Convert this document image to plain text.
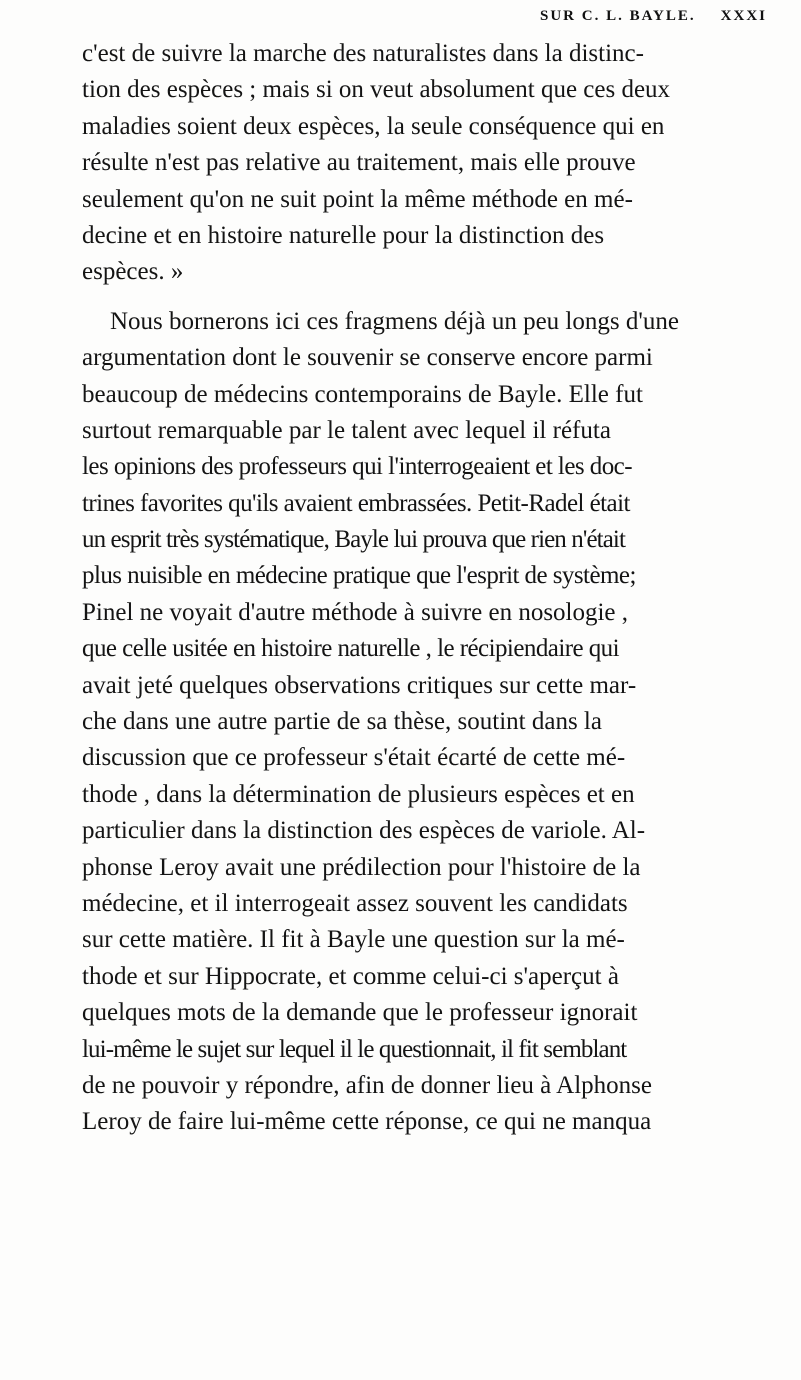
SUR C. L. BAYLE. XXXI

c'est de suivre la marche des naturalistes dans la distinc-
tion des espèces ; mais si on veut absolument que ces deux
maladies soient deux espèces, la seule conséquence qui en
résulte n'est pas relative au traitement, mais elle prouve
seulement qu'on ne suit point la même méthode en mé-
decine et en histoire naturelle pour la distinction des
espèces. »

Nous bornerons ici ces fragmens déjà un peu longs d'une
argumentation dont le souvenir se conserve encore parmi
beaucoup de médecins contemporains de Bayle. Elle fut
surtout remarquable par le talent avec lequel il réfuta
les opinions des professeurs qui l'interrogeaient et les doc-
trines favorites qu'ils avaient embrassées. Petit-Radel était
un esprit très systématique, Bayle lui prouva que rien n'était
plus nuisible en médecine pratique que l'esprit de système;
Pinel ne voyait d'autre méthode à suivre en nosologie ,
que celle usitée en histoire naturelle , le récipiendaire qui
avait jeté quelques observations critiques sur cette mar-
che dans une autre partie de sa thèse, soutint dans la
discussion que ce professeur s'était écarté de cette mé-
thode , dans la détermination de plusieurs espèces et en
particulier dans la distinction des espèces de variole. Al-
phonse Leroy avait une prédilection pour l'histoire de la
médecine, et il interrogeait assez souvent les candidats
sur cette matière. Il fit à Bayle une question sur la mé-
thode et sur Hippocrate, et comme celui-ci s'aperçut à
quelques mots de la demande que le professeur ignorait
lui-même le sujet sur lequel il le questionnait, il fit semblant
de ne pouvoir y répondre, afin de donner lieu à Alphonse
Leroy de faire lui-même cette réponse, ce qui ne manqua
